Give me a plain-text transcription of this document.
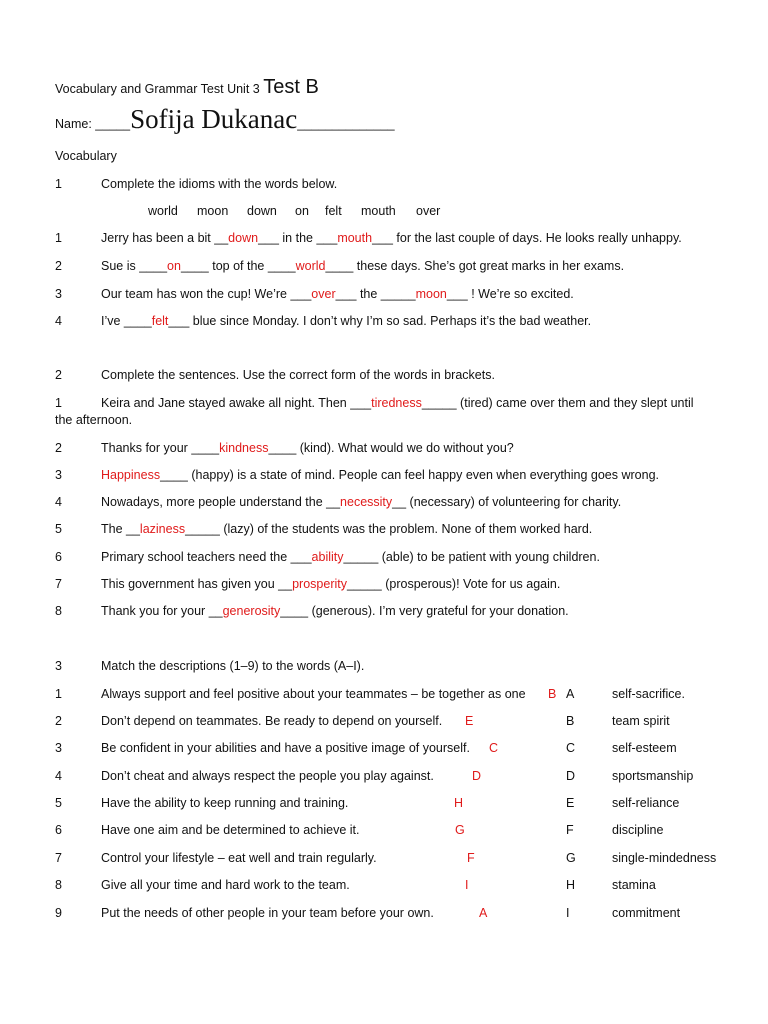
Vocabulary and Grammar Test Unit 3 Test B
Name: _____Sofija Dukanac______________
Vocabulary
1	Complete the idioms with the words below.
world moon down on felt mouth over
1	Jerry has been a bit __down___ in the ___mouth___ for the last couple of days. He looks really unhappy.
2	Sue is ____on____ top of the ____world____ these days. She’s got great marks in her exams.
3	Our team has won the cup! We’re ___over___ the _____moon___ ! We’re so excited.
4	I’ve ____felt___ blue since Monday. I don’t why I’m so sad. Perhaps it’s the bad weather.
2	Complete the sentences. Use the correct form of the words in brackets.
1	Keira and Jane stayed awake all night. Then ___tiredness_____ (tired) came over them and they slept until
the afternoon.
2	Thanks for your ____kindness____ (kind). What would we do without you?
3	Happiness____ (happy) is a state of mind. People can feel happy even when everything goes wrong.
4	Nowadays, more people understand the __necessity__ (necessary) of volunteering for charity.
5	The __laziness_____ (lazy) of the students was the problem. None of them worked hard.
6	Primary school teachers need the ___ability_____ (able) to be patient with young children.
7	This government has given you __prosperity_____ (prosperous)! Vote for us again.
8	Thank you for your __generosity____ (generous). I’m very grateful for your donation.
3	Match the descriptions (1–9) to the words (A–I).
1	Always support and feel positive about your teammates – be together as one B A	self-sacrifice.
2	Don’t depend on teammates. Be ready to depend on yourself. E	B	team spirit
3	Be confident in your abilities and have a positive image of yourself. C	C	self-esteem
4	Don’t cheat and always respect the people you play against.	D	D	sportsmanship
5	Have the ability to keep running and training.	H	E	self-reliance
6	Have one aim and be determined to achieve it.	G	F	discipline
7	Control your lifestyle – eat well and train regularly.	F	G	single-mindedness
8	Give all your time and hard work to the team.	I	H	stamina
9	Put the needs of other people in your team before your own.	A	I	commitment
